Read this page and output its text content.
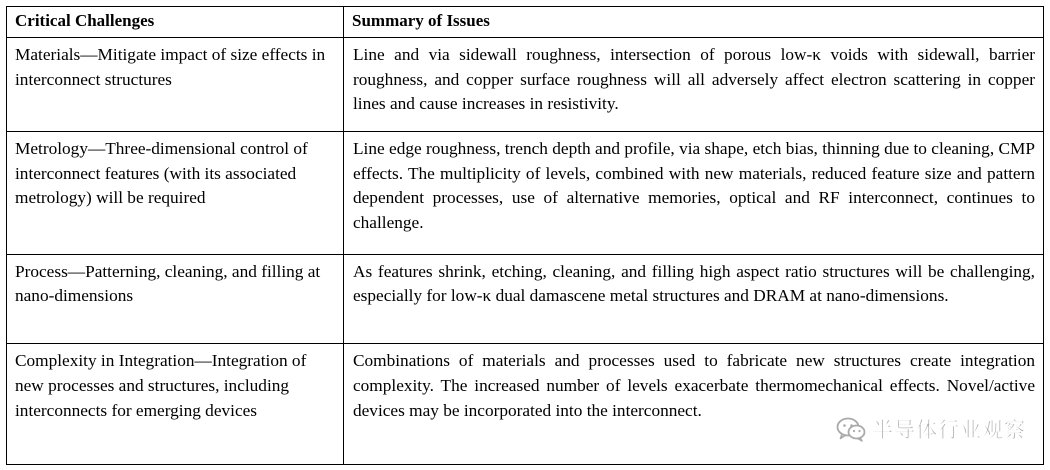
Critical Challenges	Summary of Issues
Materials—Mitigate impact of size effects in interconnect structures	Line and via sidewall roughness, intersection of porous low-κ voids with sidewall, barrier roughness, and copper surface roughness will all adversely affect electron scattering in copper lines and cause increases in resistivity.
Metrology—Three-dimensional control of interconnect features (with its associated metrology) will be required	Line edge roughness, trench depth and profile, via shape, etch bias, thinning due to cleaning, CMP effects. The multiplicity of levels, combined with new materials, reduced feature size and pattern dependent processes, use of alternative memories, optical and RF interconnect, continues to challenge.
Process—Patterning, cleaning, and filling at nano-dimensions	As features shrink, etching, cleaning, and filling high aspect ratio structures will be challenging, especially for low-κ dual damascene metal structures and DRAM at nano-dimensions.
Complexity in Integration—Integration of new processes and structures, including interconnects for emerging devices	Combinations of materials and processes used to fabricate new structures create integration complexity. The increased number of levels exacerbate thermomechanical effects. Novel/active devices may be incorporated into the interconnect.
半导体行业观察
